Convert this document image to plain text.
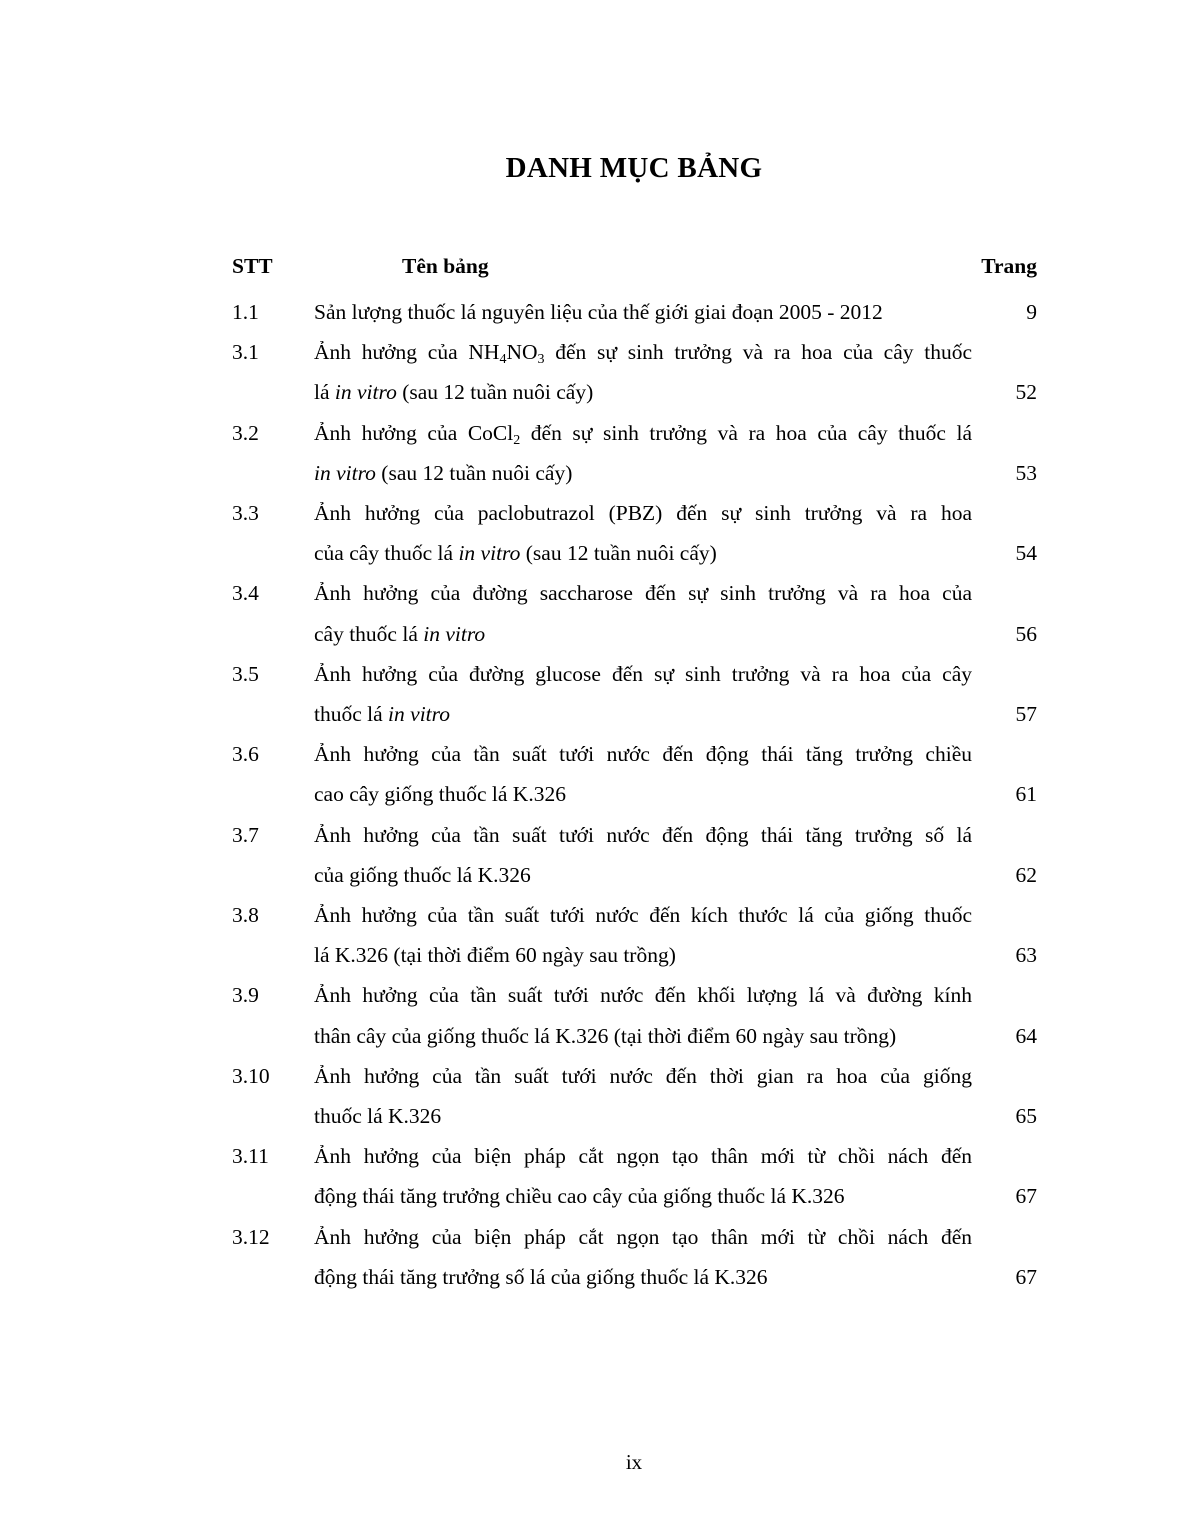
DANH MỤC BẢNG
STT	Tên bảng	Trang
1.1	Sản lượng thuốc lá nguyên liệu của thế giới giai đoạn 2005 - 2012	9
3.1	Ảnh hưởng của $NH_4NO_3$ đến sự sinh trưởng và ra hoa của cây thuốc
lá in vitro (sau 12 tuần nuôi cấy)	52
3.2	Ảnh hưởng của CoCl$_2$ đến sự sinh trưởng và ra hoa của cây thuốc lá
in vitro (sau 12 tuần nuôi cấy)	53
3.3	Ảnh hưởng của paclobutrazol (PBZ) đến sự sinh trưởng và ra hoa
của cây thuốc lá in vitro (sau 12 tuần nuôi cấy)	54
3.4	Ảnh hưởng của đường saccharose đến sự sinh trưởng và ra hoa của
cây thuốc lá in vitro	56
3.5	Ảnh hưởng của đường glucose đến sự sinh trưởng và ra hoa của cây
thuốc lá in vitro	57
3.6	Ảnh hưởng của tần suất tưới nước đến động thái tăng trưởng chiều
cao cây giống thuốc lá K.326	61
3.7	Ảnh hưởng của tần suất tưới nước đến động thái tăng trưởng số lá
của giống thuốc lá K.326	62
3.8	Ảnh hưởng của tần suất tưới nước đến kích thước lá của giống thuốc
lá K.326 (tại thời điểm 60 ngày sau trồng)	63
3.9	Ảnh hưởng của tần suất tưới nước đến khối lượng lá và đường kính
thân cây của giống thuốc lá K.326 (tại thời điểm 60 ngày sau trồng)	64
3.10	Ảnh hưởng của tần suất tưới nước đến thời gian ra hoa của giống
thuốc lá K.326	65
3.11	Ảnh hưởng của biện pháp cắt ngọn tạo thân mới từ chồi nách đến
động thái tăng trưởng chiều cao cây của giống thuốc lá K.326	67
3.12	Ảnh hưởng của biện pháp cắt ngọn tạo thân mới từ chồi nách đến
động thái tăng trưởng số lá của giống thuốc lá K.326	67
ix
